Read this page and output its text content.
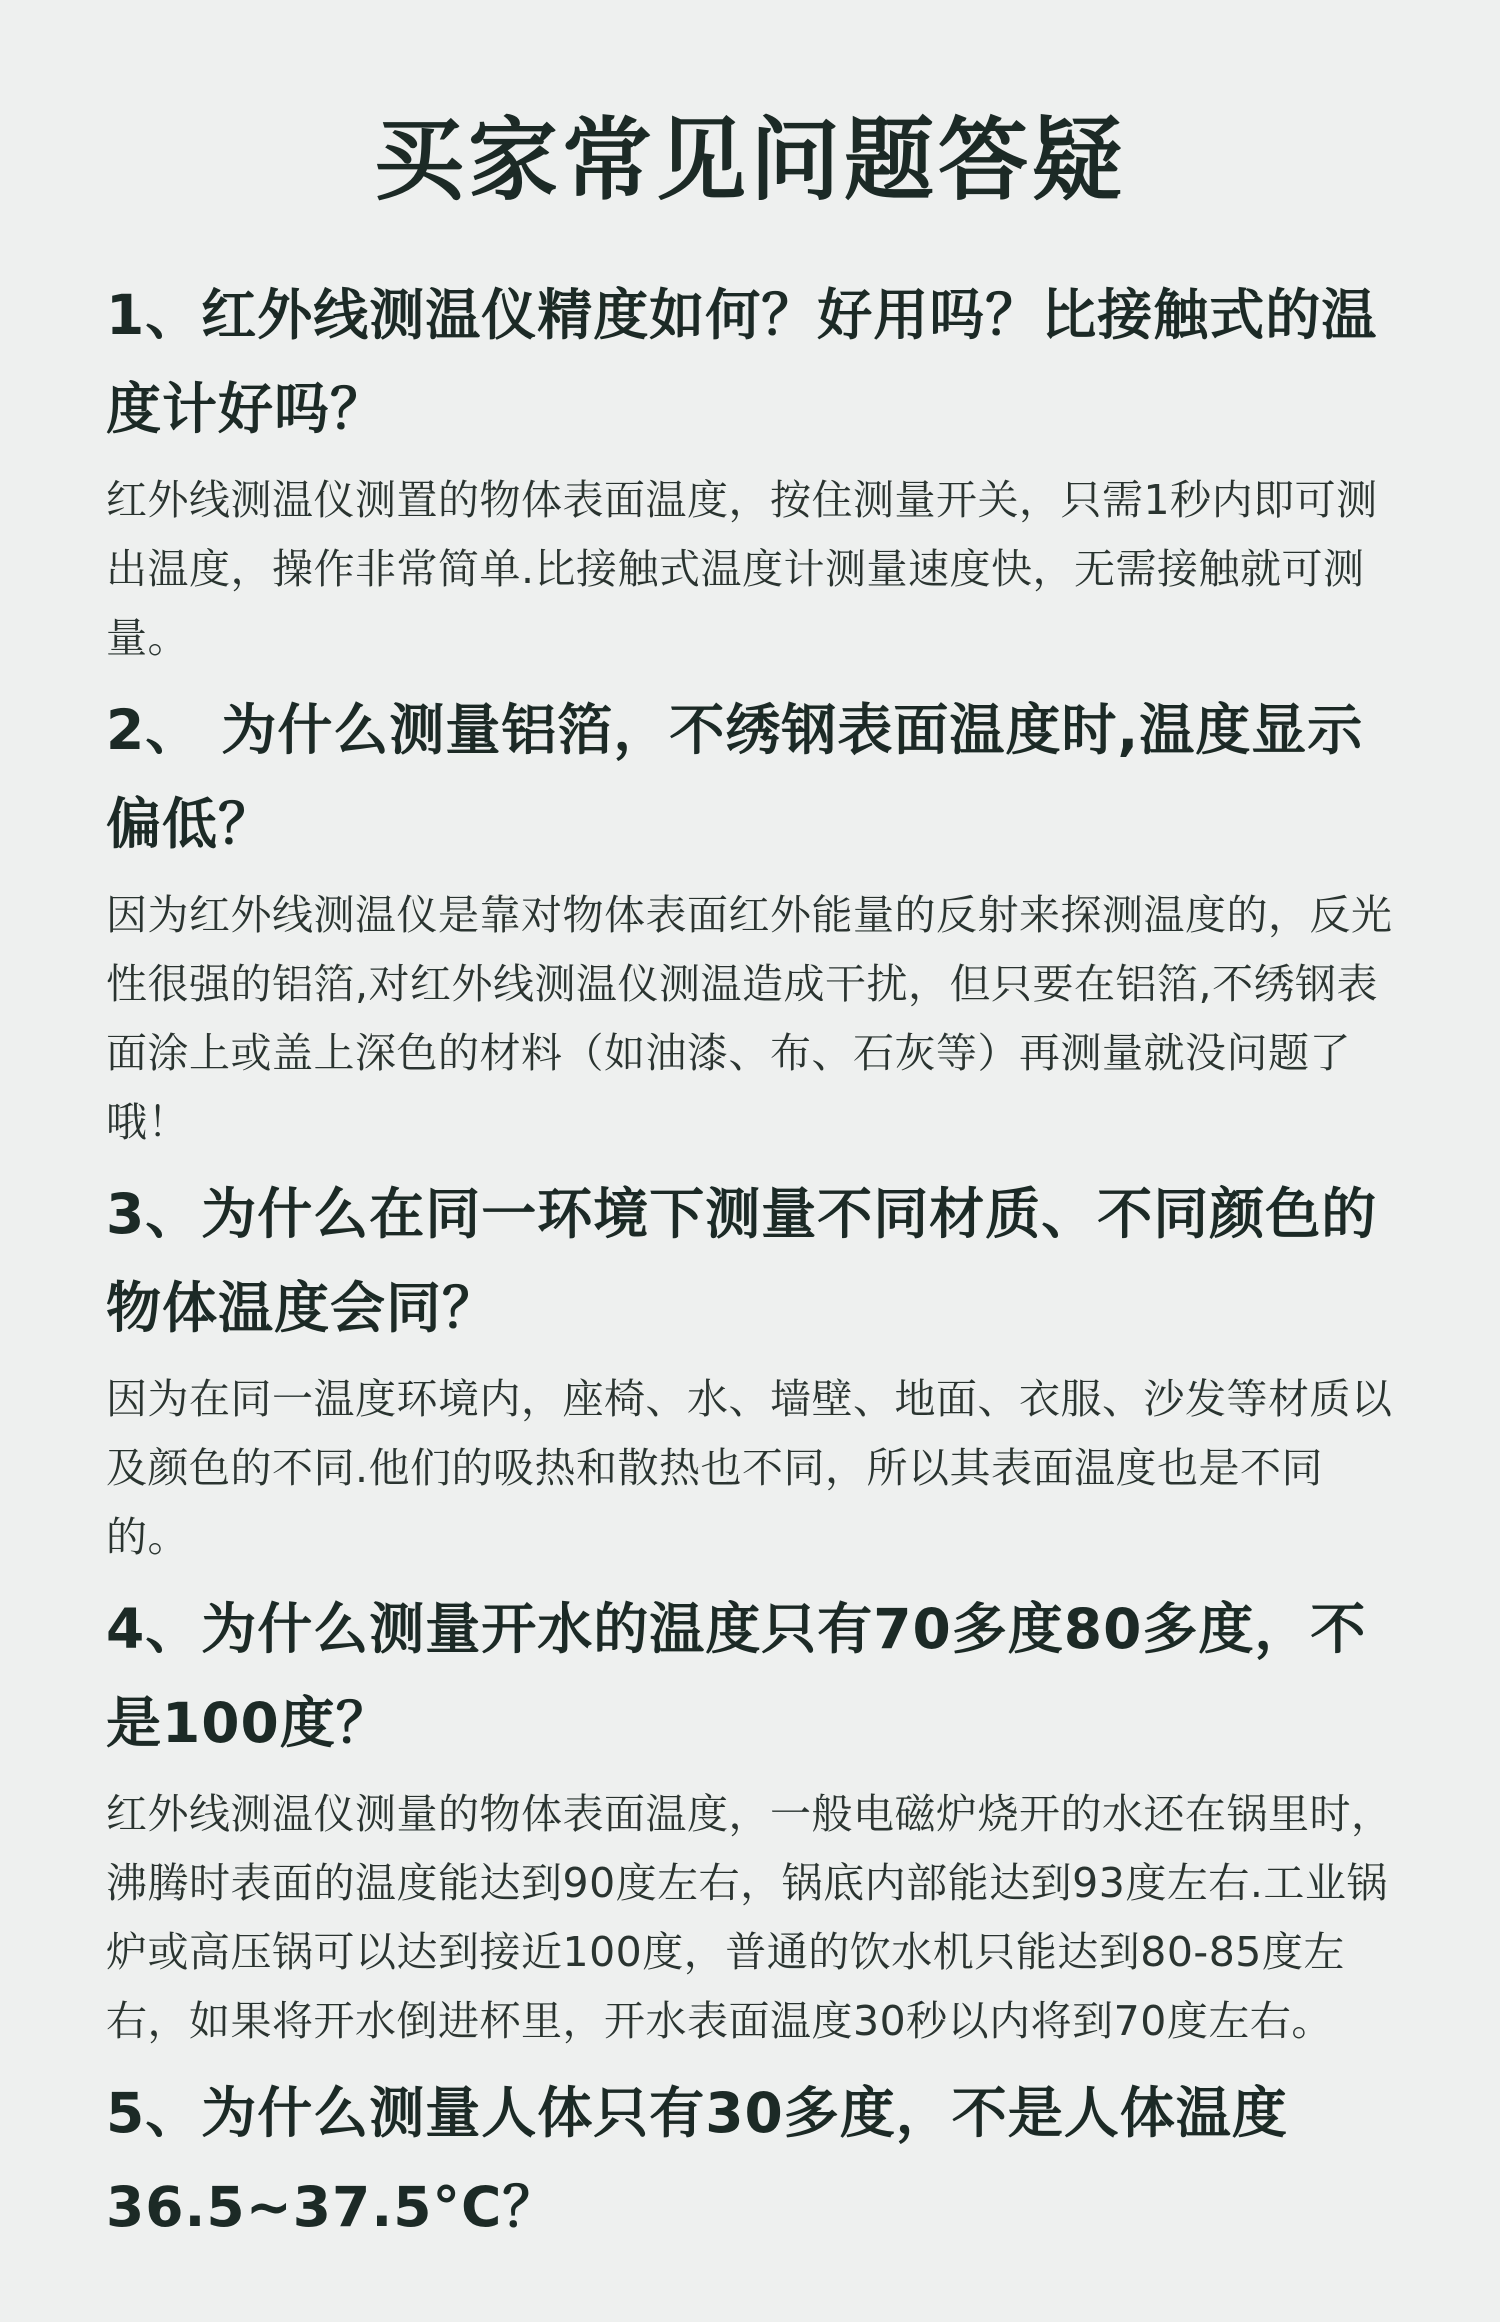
买家常见问题答疑
1、红外线测温仪精度如何？好用吗？比接触式的温度计好吗？

红外线测温仪测置的物体表面温度，按住测量开关，只需1秒内即可测出温度，操作非常简单.比接触式温度计测量速度快，无需接触就可测量。

2、 为什么测量铝箔，不绣钢表面温度时,温度显示偏低？

因为红外线测温仪是靠对物体表面红外能量的反射来探测温度的，反光性很强的铝箔,对红外线测温仪测温造成干扰，但只要在铝箔,不绣钢表面涂上或盖上深色的材料（如油漆、布、石灰等）再测量就没问题了哦！

3、为什么在同一环境下测量不同材质、不同颜色的物体温度会同？

因为在同一温度环境内，座椅、水、墙壁、地面、衣服、沙发等材质以及颜色的不同.他们的吸热和散热也不同，所以其表面温度也是不同的。

4、为什么测量开水的温度只有70多度80多度，不是100度？

红外线测温仪测量的物体表面温度，一般电磁炉烧开的水还在锅里时，沸腾时表面的温度能达到90度左右，锅底内部能达到93度左右.工业锅炉或高压锅可以达到接近100度，普通的饮水机只能达到80-85度左右，如果将开水倒进杯里，开水表面温度30秒以内将到70度左右。

5、为什么测量人体只有30多度，不是人体温度36.5~37.5°C？
